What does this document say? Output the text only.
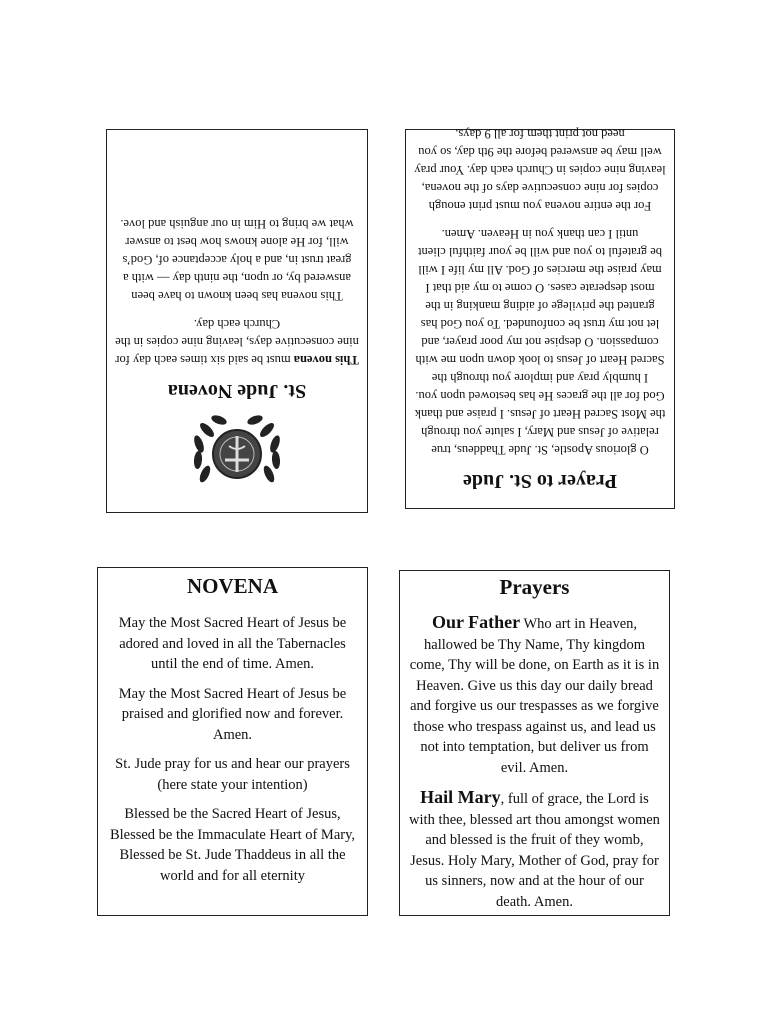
St. Jude Novena

This novena must be said six times each day for nine consecutive days, leaving nine copies in the Church each day.

This novena has been known to have been answered by, or upon, the ninth day — with a great trust in, and a holy acceptance of, God’s will, for He alone knows how best to answer what we bring to Him in our anguish and love.

Prayer to St. Jude

O glorious Apostle, St. Jude Thaddeus, true relative of Jesus and Mary, I salute you through the Most Sacred Heart of Jesus. I praise and thank God for all the graces He has bestowed upon you. I humbly pray and implore you through the Sacred Heart of Jesus to look down upon me with compassion. O despise not my poor prayer, and let not my trust be confounded. To you God has granted the privilege of aiding manking in the most desperate cases. O come to my aid that I may praise the mercies of God. All my life I will be grateful to you and will be your faithful client until I can thank you in Heaven. Amen.

For the entire novena you must print enough copies for nine consecutive days of the novena, leaving nine copies in Church each day. Your pray well may be answered before the 9th day, so you need not print them for all 9 days.

NOVENA

May the Most Sacred Heart of Jesus be adored and loved in all the Tabernacles until the end of time. Amen.

May the Most Sacred Heart of Jesus be praised and glorified now and forever. Amen.

St. Jude pray for us and hear our prayers (here state your intention)

Blessed be the Sacred Heart of Jesus, Blessed be the Immaculate Heart of Mary, Blessed be St. Jude Thaddeus in all the world and for all eternity

Prayers

Our Father Who art in Heaven, hallowed be Thy Name, Thy kingdom come, Thy will be done, on Earth as it is in Heaven. Give us this day our daily bread and forgive us our trespasses as we forgive those who trespass against us, and lead us not into temptation, but deliver us from evil. Amen.

Hail Mary, full of grace, the Lord is with thee, blessed art thou amongst women and blessed is the fruit of they womb, Jesus. Holy Mary, Mother of God, pray for us sinners, now and at the hour of our death. Amen.
